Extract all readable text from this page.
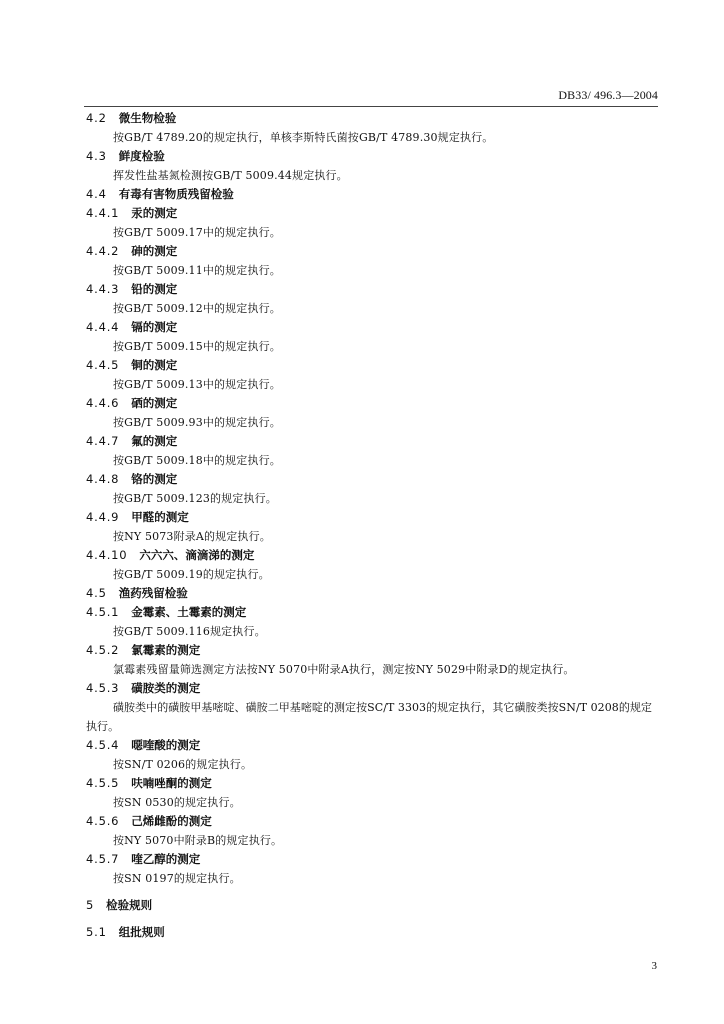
DB33/ 496.3—2004
4.2 微生物检验
按GB/T 4789.20的规定执行，单核李斯特氏菌按GB/T 4789.30规定执行。
4.3 鲜度检验
挥发性盐基氮检测按GB/T 5009.44规定执行。
4.4 有毒有害物质残留检验
4.4.1 汞的测定
按GB/T 5009.17中的规定执行。
4.4.2 砷的测定
按GB/T 5009.11中的规定执行。
4.4.3 铅的测定
按GB/T 5009.12中的规定执行。
4.4.4 镉的测定
按GB/T 5009.15中的规定执行。
4.4.5 铜的测定
按GB/T 5009.13中的规定执行。
4.4.6 硒的测定
按GB/T 5009.93中的规定执行。
4.4.7 氟的测定
按GB/T 5009.18中的规定执行。
4.4.8 铬的测定
按GB/T 5009.123的规定执行。
4.4.9 甲醛的测定
按NY 5073附录A的规定执行。
4.4.10 六六六、滴滴涕的测定
按GB/T 5009.19的规定执行。
4.5 渔药残留检验
4.5.1 金霉素、土霉素的测定
按GB/T 5009.116规定执行。
4.5.2 氯霉素的测定
氯霉素残留量筛选测定方法按NY 5070中附录A执行，测定按NY 5029中附录D的规定执行。
4.5.3 磺胺类的测定
磺胺类中的磺胺甲基嘧啶、磺胺二甲基嘧啶的测定按SC/T 3303的规定执行，其它磺胺类按SN/T 0208的规定执行。
4.5.4 噁喹酸的测定
按SN/T 0206的规定执行。
4.5.5 呋喃唑酮的测定
按SN 0530的规定执行。
4.5.6 己烯雌酚的测定
按NY 5070中附录B的规定执行。
4.5.7 喹乙醇的测定
按SN 0197的规定执行。
5 检验规则
5.1 组批规则
3
